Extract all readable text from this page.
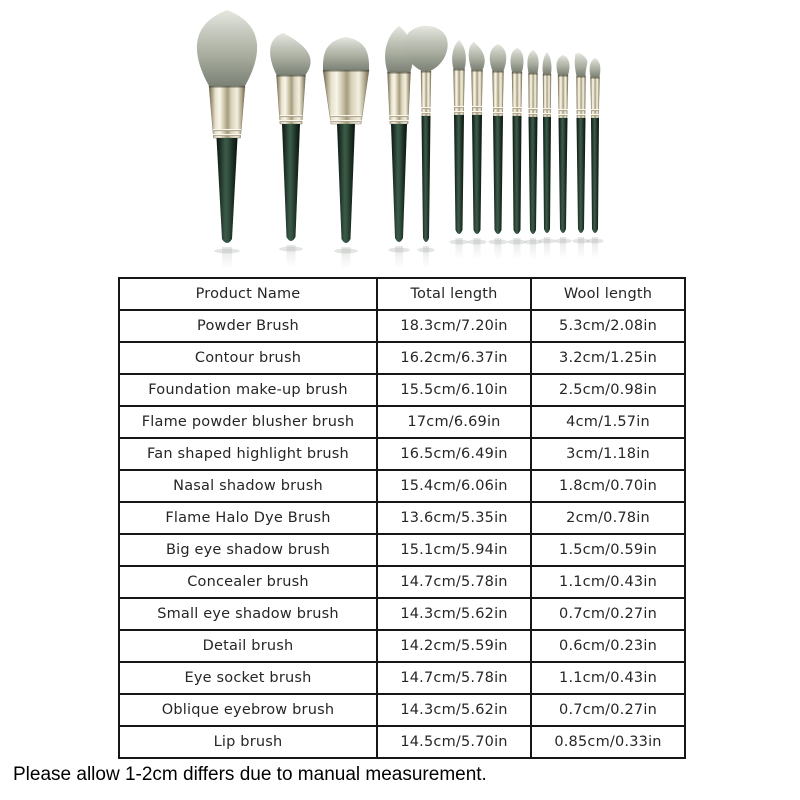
Product Name	Total length	Wool length
Powder Brush	18.3cm/7.20in	5.3cm/2.08in
Contour brush	16.2cm/6.37in	3.2cm/1.25in
Foundation make-up brush	15.5cm/6.10in	2.5cm/0.98in
Flame powder blusher brush	17cm/6.69in	4cm/1.57in
Fan shaped highlight brush	16.5cm/6.49in	3cm/1.18in
Nasal shadow brush	15.4cm/6.06in	1.8cm/0.70in
Flame Halo Dye Brush	13.6cm/5.35in	2cm/0.78in
Big eye shadow brush	15.1cm/5.94in	1.5cm/0.59in
Concealer brush	14.7cm/5.78in	1.1cm/0.43in
Small eye shadow brush	14.3cm/5.62in	0.7cm/0.27in
Detail brush	14.2cm/5.59in	0.6cm/0.23in
Eye socket brush	14.7cm/5.78in	1.1cm/0.43in
Oblique eyebrow brush	14.3cm/5.62in	0.7cm/0.27in
Lip brush	14.5cm/5.70in	0.85cm/0.33in
Please allow 1-2cm differs due to manual measurement.
